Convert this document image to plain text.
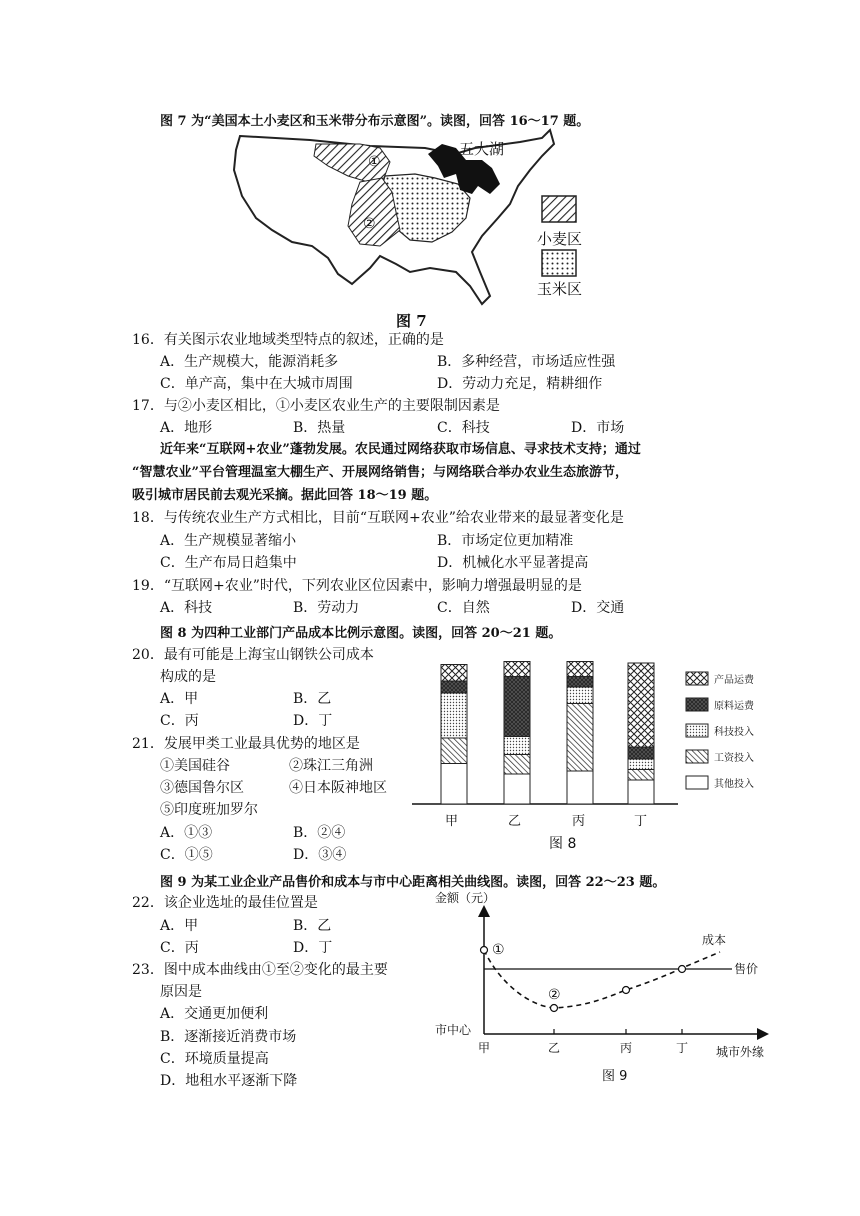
图 7 为“美国本土小麦区和玉米带分布示意图”。读图，回答 16～17 题。
①
②
五大湖
小麦区
玉米区
图 7
16．有关图示农业地域类型特点的叙述，正确的是
A．生产规模大，能源消耗多	B．多种经营，市场适应性强
C．单产高，集中在大城市周围	D．劳动力充足，精耕细作
17．与②小麦区相比，①小麦区农业生产的主要限制因素是
A．地形	B．热量	C．科技	D．市场
近年来“互联网+农业”蓬勃发展。农民通过网络获取市场信息、寻求技术支持；通过
“智慧农业”平台管理温室大棚生产、开展网络销售；与网络联合举办农业生态旅游节，
吸引城市居民前去观光采摘。据此回答 18～19 题。
18．与传统农业生产方式相比，目前“互联网+农业”给农业带来的最显著变化是
A．生产规模显著缩小	B．市场定位更加精准
C．生产布局日趋集中	D．机械化水平显著提高
19．“互联网+农业”时代，下列农业区位因素中，影响力增强最明显的是
A．科技	B．劳动力	C．自然	D．交通
图 8 为四种工业部门产品成本比例示意图。读图，回答 20～21 题。
20．最有可能是上海宝山钢铁公司成本
构成的是
A．甲	B．乙
C．丙	D．丁
21．发展甲类工业最具优势的地区是
①美国硅谷	②珠江三角洲
③德国鲁尔区	④日本阪神地区
⑤印度班加罗尔
A．①③	B．②④
C．①⑤	D．③④
产品运费
原料运费
科技投入
工资投入
其他投入
甲	乙	丙	丁
图 8
图 9 为某工业企业产品售价和成本与市中心距离相关曲线图。读图，回答 22～23 题。
22．该企业选址的最佳位置是
A．甲	B．乙
C．丙	D．丁
23．图中成本曲线由①至②变化的最主要
原因是
A．交通更加便利
B．逐渐接近消费市场
C．环境质量提高
D．地租水平逐渐下降
金额（元）
①
②
成本
售价
市中心
甲	乙	丙	丁 城市外缘
图 9
